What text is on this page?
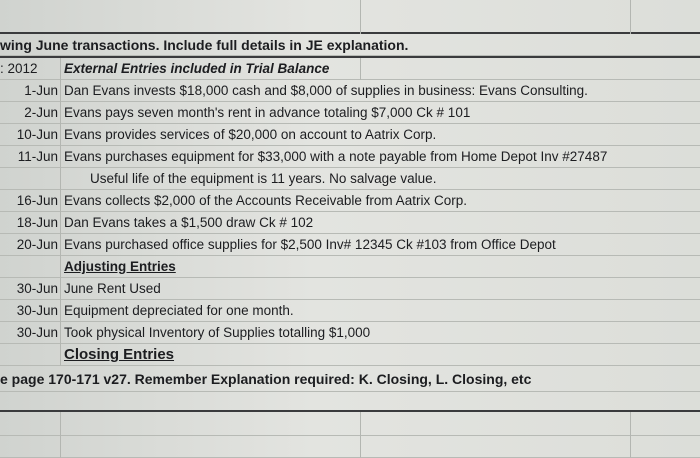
wing June transactions. Include full details in JE explanation.
: 2012	External Entries included in Trial Balance
1-Jun Dan Evans invests $18,000 cash and $8,000 of supplies in business: Evans Consulting.
2-Jun Evans pays seven month's rent in advance totaling $7,000 Ck # 101
10-Jun Evans provides services of $20,000 on account to Aatrix Corp.
11-Jun Evans purchases equipment for $33,000 with a note payable from Home Depot Inv #27487
Useful life of the equipment is 11 years. No salvage value.
16-Jun Evans collects $2,000 of the Accounts Receivable from Aatrix Corp.
18-Jun Dan Evans takes a $1,500 draw Ck # 102
20-Jun Evans purchased office supplies for $2,500 Inv# 12345 Ck #103 from Office Depot
Adjusting Entries
30-Jun June Rent Used
30-Jun Equipment depreciated for one month.
30-Jun Took physical Inventory of Supplies totalling $1,000
Closing Entries
e page 170-171 v27. Remember Explanation required: K. Closing, L. Closing, etc
